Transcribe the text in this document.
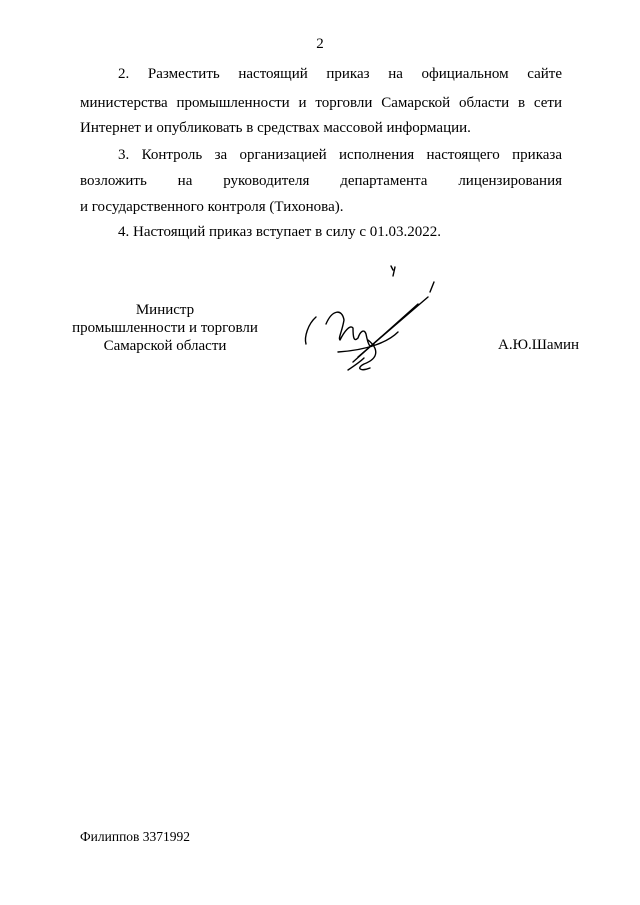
2
2. Разместить настоящий приказ на официальном сайте
министерства промышленности и торговли Самарской области в сети
Интернет и опубликовать в средствах массовой информации.
3. Контроль за организацией исполнения настоящего приказа
возложить на руководителя департамента лицензирования
и государственного контроля (Тихонова).
4. Настоящий приказ вступает в силу с 01.03.2022.
Министр
промышленности и торговли
Самарской области	А.Ю.Шамин
Филиппов 3371992
